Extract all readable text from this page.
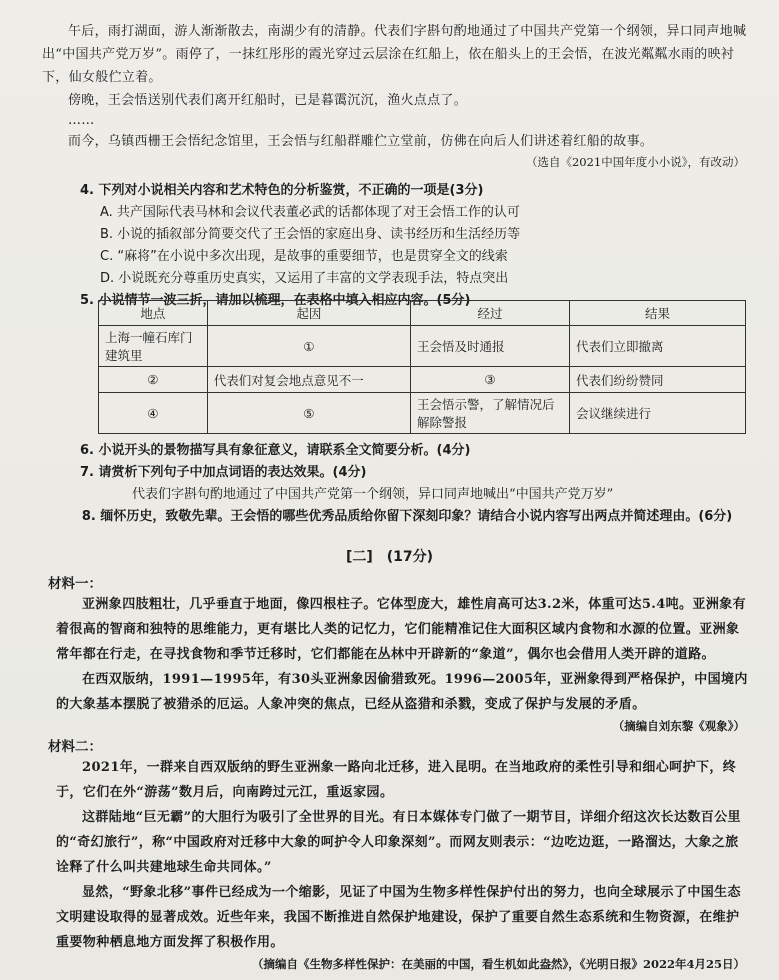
午后，雨打湖面，游人渐渐散去，南湖少有的清静。代表们字斟句酌地通过了中国共产党第一个纲领，异口同声地喊出“中国共产党万岁”。雨停了，一抹红彤彤的霞光穿过云层涂在红船上，依在船头上的王会悟，在波光粼粼水雨的映衬下，仙女般伫立着。

傍晚，王会悟送别代表们离开红船时，已是暮霭沉沉，渔火点点了。

……

而今，乌镇西栅王会悟纪念馆里，王会悟与红船群雕伫立堂前，仿佛在向后人们讲述着红船的故事。

（选自《2021中国年度小小说》，有改动）

4. 下列对小说相关内容和艺术特色的分析鉴赏，不正确的一项是(3分)

A. 共产国际代表马林和会议代表董必武的话都体现了对王会悟工作的认可

B. 小说的插叙部分简要交代了王会悟的家庭出身、读书经历和生活经历等

C. “麻将”在小说中多次出现，是故事的重要细节，也是贯穿全文的线索

D. 小说既充分尊重历史真实，又运用了丰富的文学表现手法，特点突出

5. 小说情节一波三折，请加以梳理，在表格中填入相应内容。(5分)

地点	起因	经过	结果
上海一幢石库门建筑里	①	王会悟及时通报	代表们立即撤离
②	代表们对复会地点意见不一	③	代表们纷纷赞同
④	⑤	王会悟示警，了解情况后解除警报	会议继续进行

6. 小说开头的景物描写具有象征意义，请联系全文简要分析。(4分)

7. 请赏析下列句子中加点词语的表达效果。(4分)

代表们字斟句酌地通过了中国共产党第一个纲领，异口同声地喊出“中国共产党万岁”

8. 缅怀历史，致敬先辈。王会悟的哪些优秀品质给你留下深刻印象？请结合小说内容写出两点并简述理由。(6分)

[二]　(17分)

材料一：

亚洲象四肢粗壮，几乎垂直于地面，像四根柱子。它体型庞大，雄性肩高可达3.2米，体重可达5.4吨。亚洲象有着很高的智商和独特的思维能力，更有堪比人类的记忆力，它们能精准记住大面积区域内食物和水源的位置。亚洲象常年都在行走，在寻找食物和季节迁移时，它们都能在丛林中开辟新的“象道”，偶尔也会借用人类开辟的道路。

在西双版纳，1991—1995年，有30头亚洲象因偷猎致死。1996—2005年，亚洲象得到严格保护，中国境内的大象基本摆脱了被猎杀的厄运。人象冲突的焦点，已经从盗猎和杀戮，变成了保护与发展的矛盾。

（摘编自刘东黎《观象》）

材料二：

2021年，一群来自西双版纳的野生亚洲象一路向北迁移，进入昆明。在当地政府的柔性引导和细心呵护下，终于，它们在外“游荡”数月后，向南跨过元江，重返家园。

这群陆地“巨无霸”的大胆行为吸引了全世界的目光。有日本媒体专门做了一期节目，详细介绍这次长达数百公里的“奇幻旅行”，称“中国政府对迁移中大象的呵护令人印象深刻”。而网友则表示：“边吃边逛，一路溜达，大象之旅诠释了什么叫共建地球生命共同体。”

显然，“野象北移”事件已经成为一个缩影，见证了中国为生物多样性保护付出的努力，也向全球展示了中国生态文明建设取得的显著成效。近些年来，我国不断推进自然保护地建设，保护了重要自然生态系统和生物资源，在维护重要物种栖息地方面发挥了积极作用。

（摘编自《生物多样性保护：在美丽的中国，看生机如此盎然》，《光明日报》2022年4月25日）
